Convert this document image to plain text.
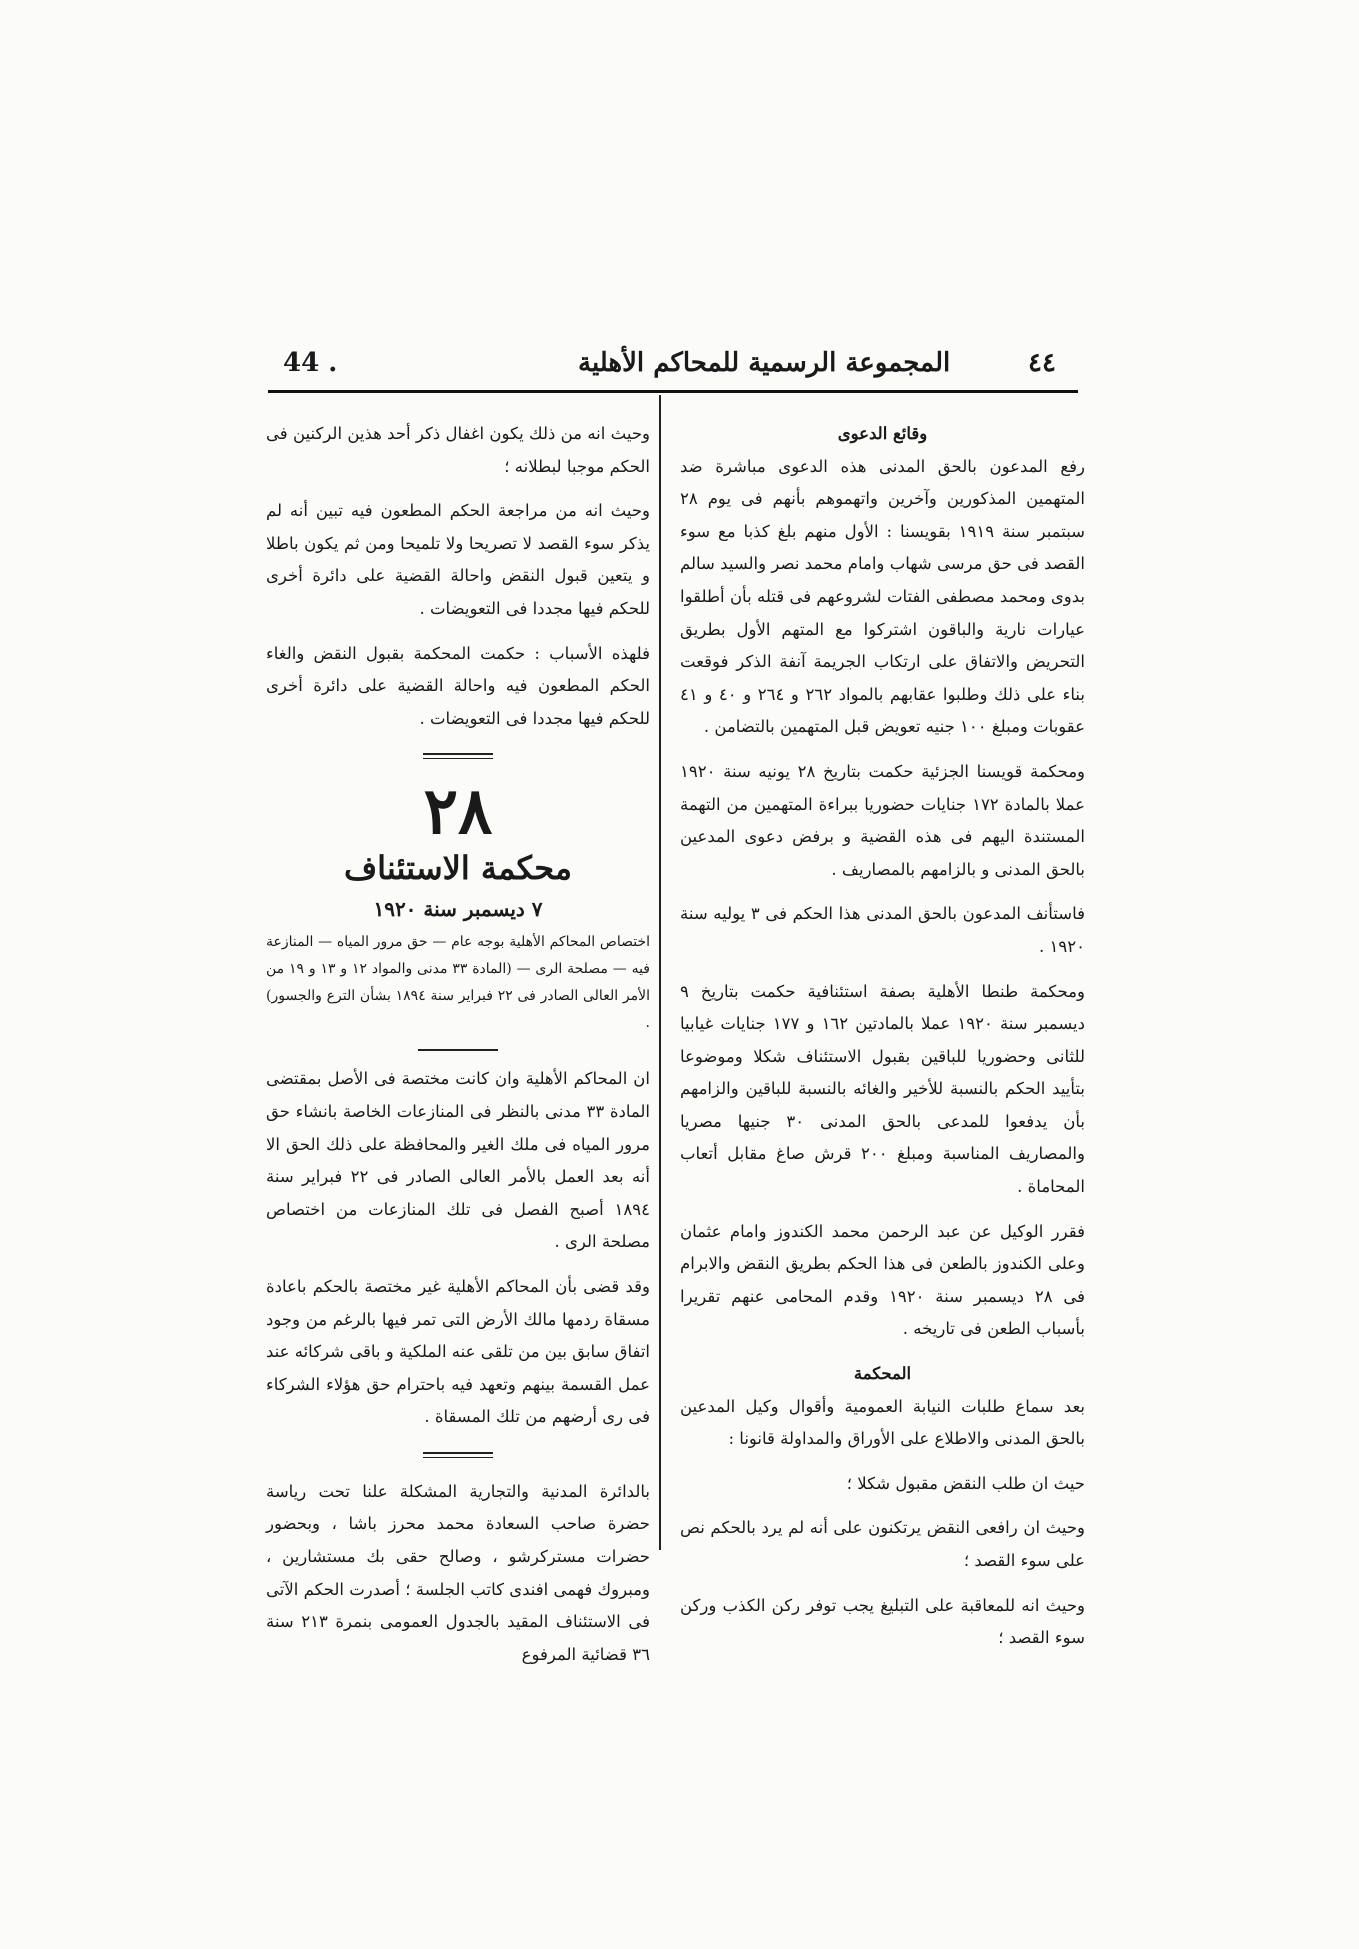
44 .	المجموعة الرسمية للمحاكم الأهلية	٤٤

وقائع الدعوى

رفع المدعون بالحق المدنى هذه الدعوى مباشرة ضد المتهمين المذكورين وآخرين واتهموهم بأنهم فى يوم ٢٨ سبتمبر سنة ١٩١٩ بقويسنا : الأول منهم بلغ كذبا مع سوء القصد فى حق مرسى شهاب وامام محمد نصر والسيد سالم بدوى ومحمد مصطفى الفتات لشروعهم فى قتله بأن أطلقوا عيارات نارية والباقون اشتركوا مع المتهم الأول بطريق التحريض والاتفاق على ارتكاب الجريمة آنفة الذكر فوقعت بناء على ذلك وطلبوا عقابهم بالمواد ٢٦٢ و ٢٦٤ و ٤٠ و ٤١ عقوبات ومبلغ ١٠٠ جنيه تعويض قبل المتهمين بالتضامن .

ومحكمة قويسنا الجزئية حكمت بتاريخ ٢٨ يونيه سنة ١٩٢٠ عملا بالمادة ١٧٢ جنايات حضوريا ببراءة المتهمين من التهمة المستندة اليهم فى هذه القضية و برفض دعوى المدعين بالحق المدنى و بالزامهم بالمصاريف .

فاستأنف المدعون بالحق المدنى هذا الحكم فى ٣ يوليه سنة ١٩٢٠ .

ومحكمة طنطا الأهلية بصفة استئنافية حكمت بتاريخ ٩ ديسمبر سنة ١٩٢٠ عملا بالمادتين ١٦٢ و ١٧٧ جنايات غيابيا للثانى وحضوريا للباقين بقبول الاستئناف شكلا وموضوعا بتأييد الحكم بالنسبة للأخير والغائه بالنسبة للباقين والزامهم بأن يدفعوا للمدعى بالحق المدنى ٣٠ جنيها مصريا والمصاريف المناسبة ومبلغ ٢٠٠ قرش صاغ مقابل أتعاب المحاماة .

فقرر الوكيل عن عبد الرحمن محمد الكندوز وامام عثمان وعلى الكندوز بالطعن فى هذا الحكم بطريق النقض والابرام فى ٢٨ ديسمبر سنة ١٩٢٠ وقدم المحامى عنهم تقريرا بأسباب الطعن فى تاريخه .

المحكمة

بعد سماع طلبات النيابة العمومية وأقوال وكيل المدعين بالحق المدنى والاطلاع على الأوراق والمداولة قانونا :

حيث ان طلب النقض مقبول شكلا ؛

وحيث ان رافعى النقض يرتكنون على أنه لم يرد بالحكم نص على سوء القصد ؛

وحيث انه للمعاقبة على التبليغ يجب توفر ركن الكذب وركن سوء القصد ؛

وحيث انه من ذلك يكون اغفال ذكر أحد هذين الركنين فى الحكم موجبا لبطلانه ؛

وحيث انه من مراجعة الحكم المطعون فيه تبين أنه لم يذكر سوء القصد لا تصريحا ولا تلميحا ومن ثم يكون باطلا و يتعين قبول النقض واحالة القضية على دائرة أخرى للحكم فيها مجددا فى التعويضات .

فلهذه الأسباب : حكمت المحكمة بقبول النقض والغاء الحكم المطعون فيه واحالة القضية على دائرة أخرى للحكم فيها مجددا فى التعويضات .

٢٨
محكمة الاستئناف
٧ ديسمبر سنة ١٩٢٠

اختصاص المحاكم الأهلية بوجه عام — حق مرور المياه — المنازعة فيه — مصلحة الرى — (المادة ٣٣ مدنى والمواد ١٢ و ١٣ و ١٩ من الأمر العالى الصادر فى ٢٢ فبراير سنة ١٨٩٤ بشأن الترع والجسور) .

ان المحاكم الأهلية وان كانت مختصة فى الأصل بمقتضى المادة ٣٣ مدنى بالنظر فى المنازعات الخاصة بانشاء حق مرور المياه فى ملك الغير والمحافظة على ذلك الحق الا أنه بعد العمل بالأمر العالى الصادر فى ٢٢ فبراير سنة ١٨٩٤ أصبح الفصل فى تلك المنازعات من اختصاص مصلحة الرى .

وقد قضى بأن المحاكم الأهلية غير مختصة بالحكم باعادة مسقاة ردمها مالك الأرض التى تمر فيها بالرغم من وجود اتفاق سابق بين من تلقى عنه الملكية و باقى شركائه عند عمل القسمة بينهم وتعهد فيه باحترام حق هؤلاء الشركاء فى رى أرضهم من تلك المسقاة .

بالدائرة المدنية والتجارية المشكلة علنا تحت رياسة حضرة صاحب السعادة محمد محرز باشا ، وبحضور حضرات مستركرشو ، وصالح حقى بك مستشارين ، ومبروك فهمى افندى كاتب الجلسة ؛ أصدرت الحكم الآتى فى الاستئناف المقيد بالجدول العمومى بنمرة ٢١٣ سنة ٣٦ قضائية المرفوع
